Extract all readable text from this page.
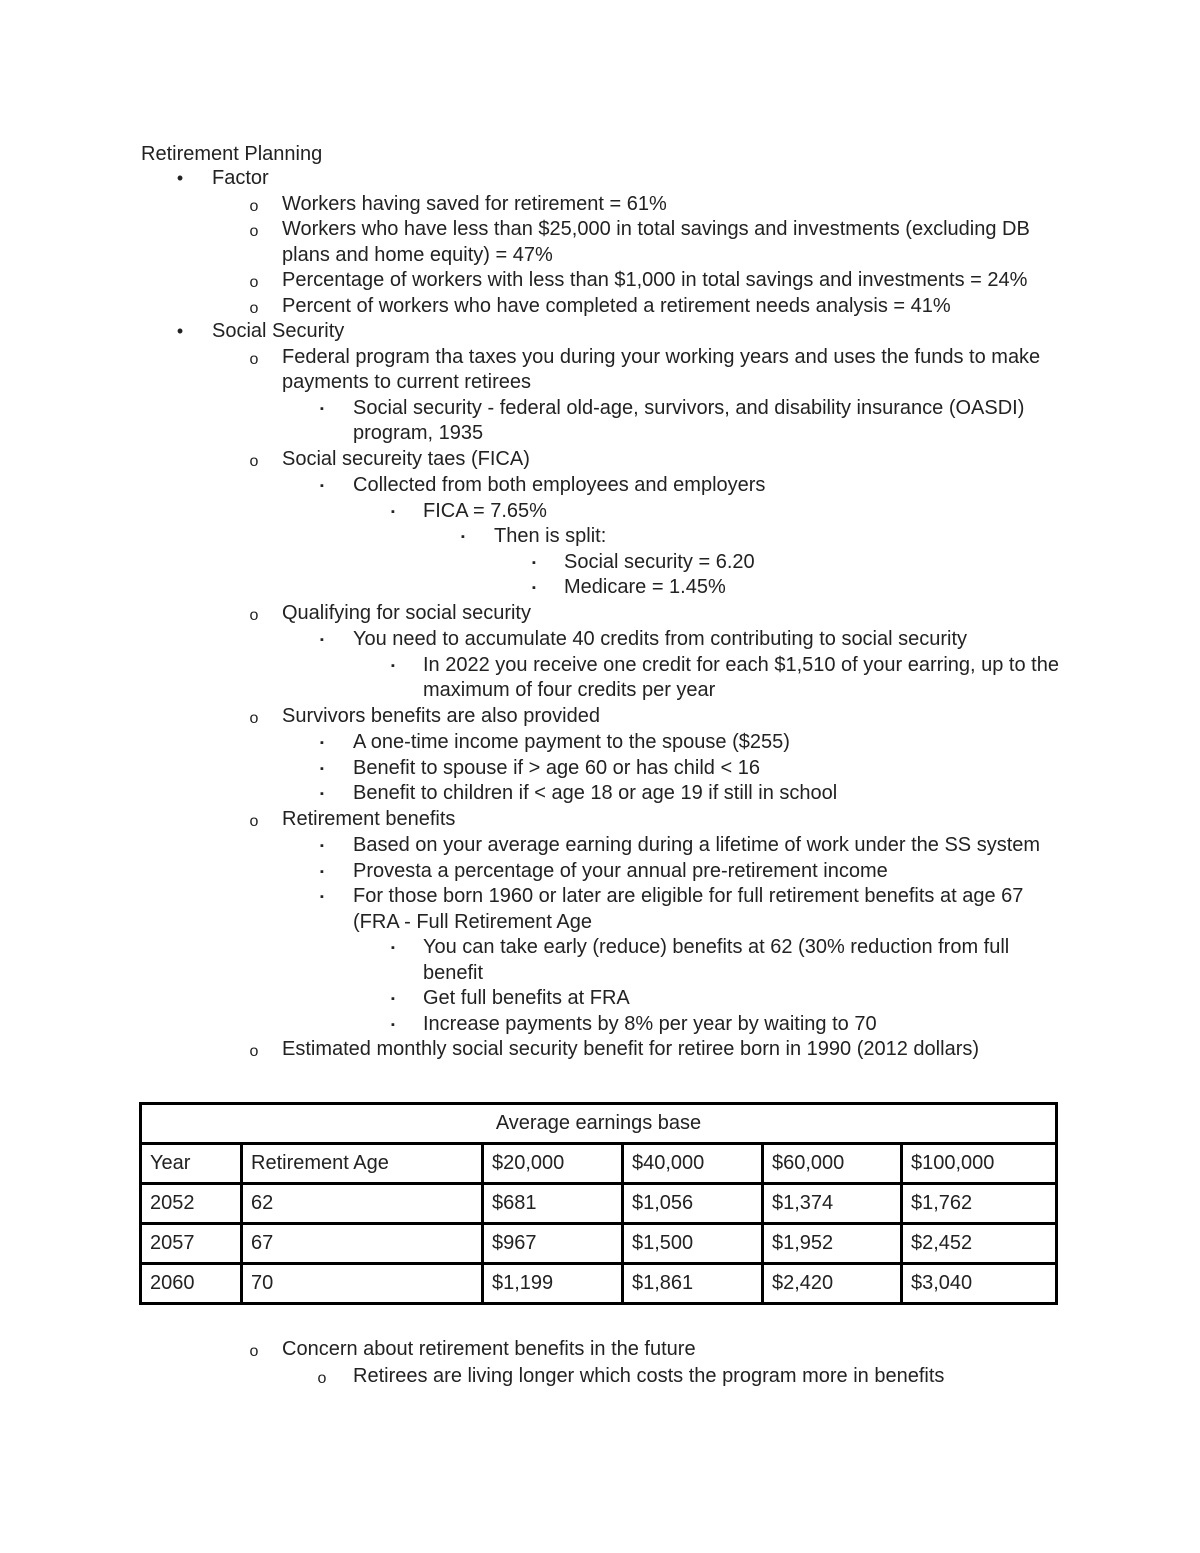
Retirement Planning
• Factor
o Workers having saved for retirement = 61%
o Workers who have less than $25,000 in total savings and investments (excluding DB plans and home equity) = 47%
o Percentage of workers with less than $1,000 in total savings and investments = 24%
o Percent of workers who have completed a retirement needs analysis = 41%
• Social Security
o Federal program tha taxes you during your working years and uses the funds to make payments to current retirees
▪ Social security - federal old-age, survivors, and disability insurance (OASDI) program, 1935
o Social secureity taes (FICA)
▪ Collected from both employees and employers
▪ FICA = 7.65%
▪ Then is split:
▪ Social security = 6.20
▪ Medicare = 1.45%
o Qualifying for social security
▪ You need to accumulate 40 credits from contributing to social security
▪ In 2022 you receive one credit for each $1,510 of your earring, up to the maximum of four credits per year
o Survivors benefits are also provided
▪ A one-time income payment to the spouse ($255)
▪ Benefit to spouse if > age 60 or has child < 16
▪ Benefit to children if < age 18 or age 19 if still in school
o Retirement benefits
▪ Based on your average earning during a lifetime of work under the SS system
▪ Provesta a percentage of your annual pre-retirement income
▪ For those born 1960 or later are eligible for full retirement benefits at age 67 (FRA - Full Retirement Age
▪ You can take early (reduce) benefits at 62 (30% reduction from full benefit
▪ Get full benefits at FRA
▪ Increase payments by 8% per year by waiting to 70
o Estimated monthly social security benefit for retiree born in 1990 (2012 dollars)
Average earnings base					
Year	Retirement Age	$20,000	$40,000	$60,000	$100,000
2052	62	$681	$1,056	$1,374	$1,762
2057	67	$967	$1,500	$1,952	$2,452
2060	70	$1,199	$1,861	$2,420	$3,040
o Concern about retirement benefits in the future
o Retirees are living longer which costs the program more in benefits
